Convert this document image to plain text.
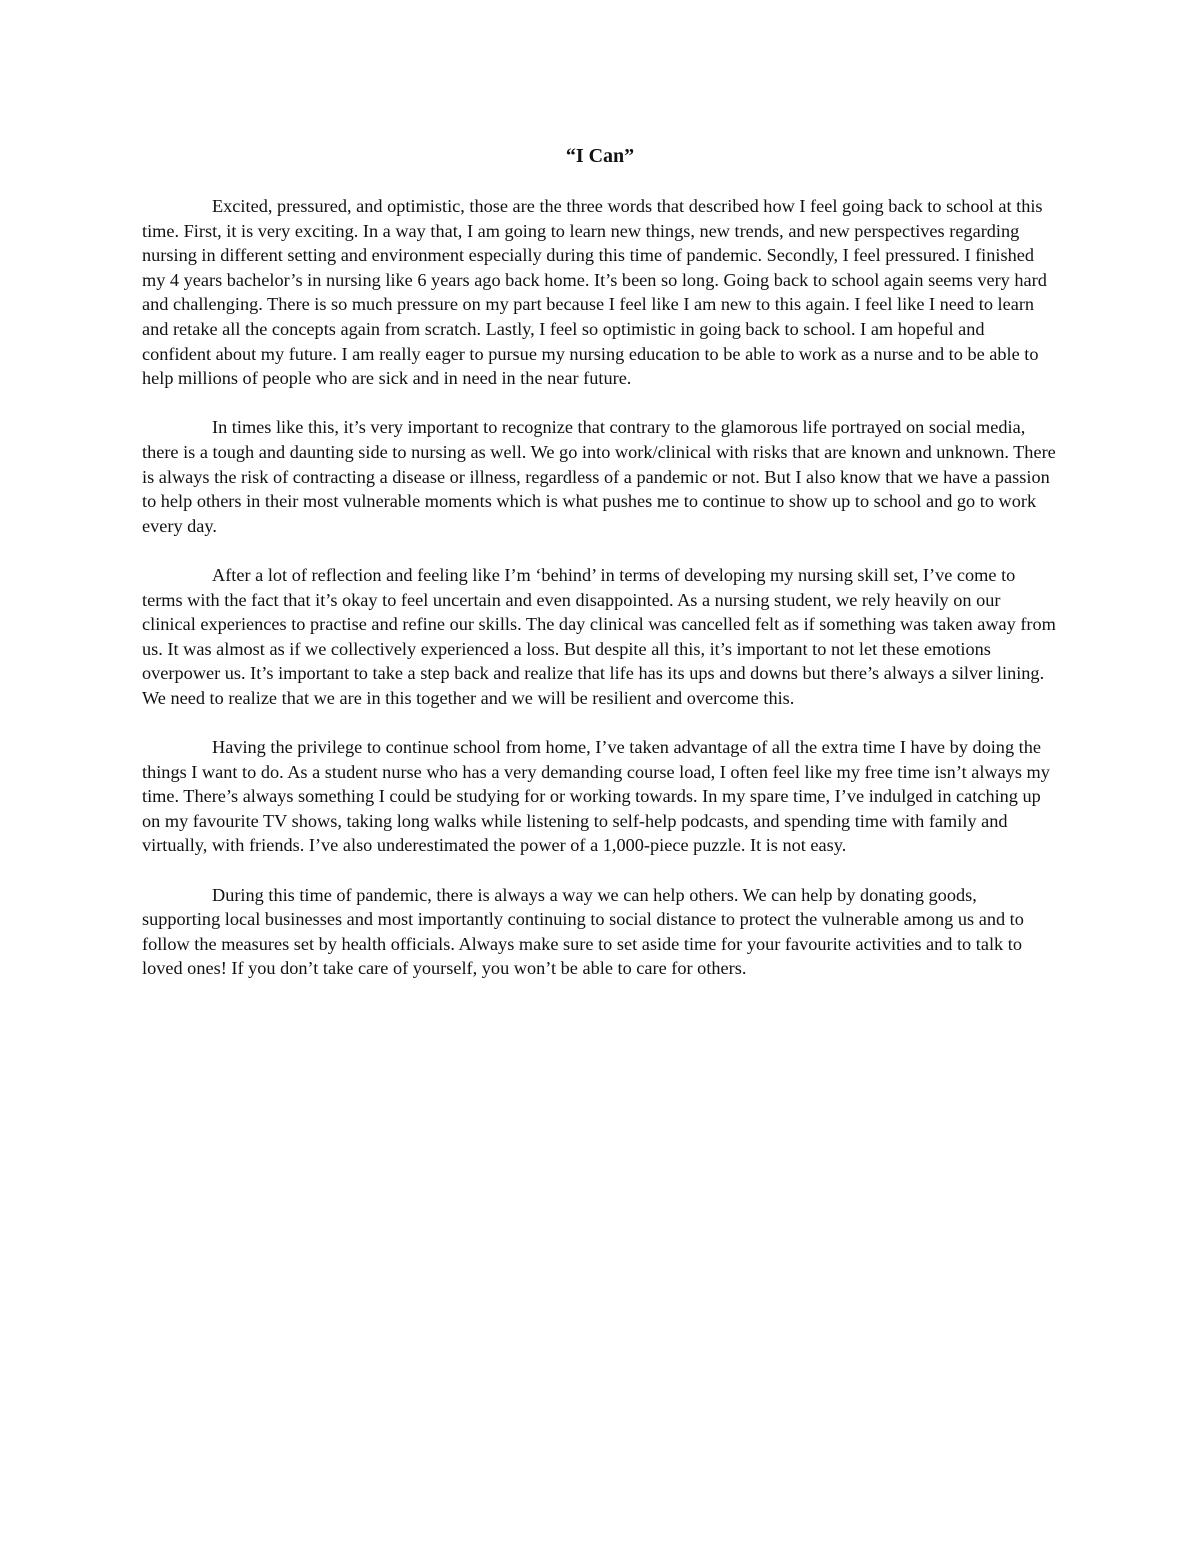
“I Can”

Excited, pressured, and optimistic, those are the three words that described how I feel going back to school at this time. First, it is very exciting. In a way that, I am going to learn new things, new trends, and new perspectives regarding nursing in different setting and environment especially during this time of pandemic. Secondly, I feel pressured. I finished my 4 years bachelor’s in nursing like 6 years ago back home. It’s been so long. Going back to school again seems very hard and challenging. There is so much pressure on my part because I feel like I am new to this again. I feel like I need to learn and retake all the concepts again from scratch. Lastly, I feel so optimistic in going back to school. I am hopeful and confident about my future. I am really eager to pursue my nursing education to be able to work as a nurse and to be able to help millions of people who are sick and in need in the near future.

In times like this, it’s very important to recognize that contrary to the glamorous life portrayed on social media, there is a tough and daunting side to nursing as well. We go into work/clinical with risks that are known and unknown. There is always the risk of contracting a disease or illness, regardless of a pandemic or not. But I also know that we have a passion to help others in their most vulnerable moments which is what pushes me to continue to show up to school and go to work every day.

After a lot of reflection and feeling like I’m ‘behind’ in terms of developing my nursing skill set, I’ve come to terms with the fact that it’s okay to feel uncertain and even disappointed. As a nursing student, we rely heavily on our clinical experiences to practise and refine our skills. The day clinical was cancelled felt as if something was taken away from us. It was almost as if we collectively experienced a loss. But despite all this, it’s important to not let these emotions overpower us. It’s important to take a step back and realize that life has its ups and downs but there’s always a silver lining. We need to realize that we are in this together and we will be resilient and overcome this.

Having the privilege to continue school from home, I’ve taken advantage of all the extra time I have by doing the things I want to do. As a student nurse who has a very demanding course load, I often feel like my free time isn’t always my time. There’s always something I could be studying for or working towards. In my spare time, I’ve indulged in catching up on my favourite TV shows, taking long walks while listening to self-help podcasts, and spending time with family and virtually, with friends. I’ve also underestimated the power of a 1,000-piece puzzle. It is not easy.

During this time of pandemic, there is always a way we can help others. We can help by donating goods, supporting local businesses and most importantly continuing to social distance to protect the vulnerable among us and to follow the measures set by health officials. Always make sure to set aside time for your favourite activities and to talk to loved ones! If you don’t take care of yourself, you won’t be able to care for others.
